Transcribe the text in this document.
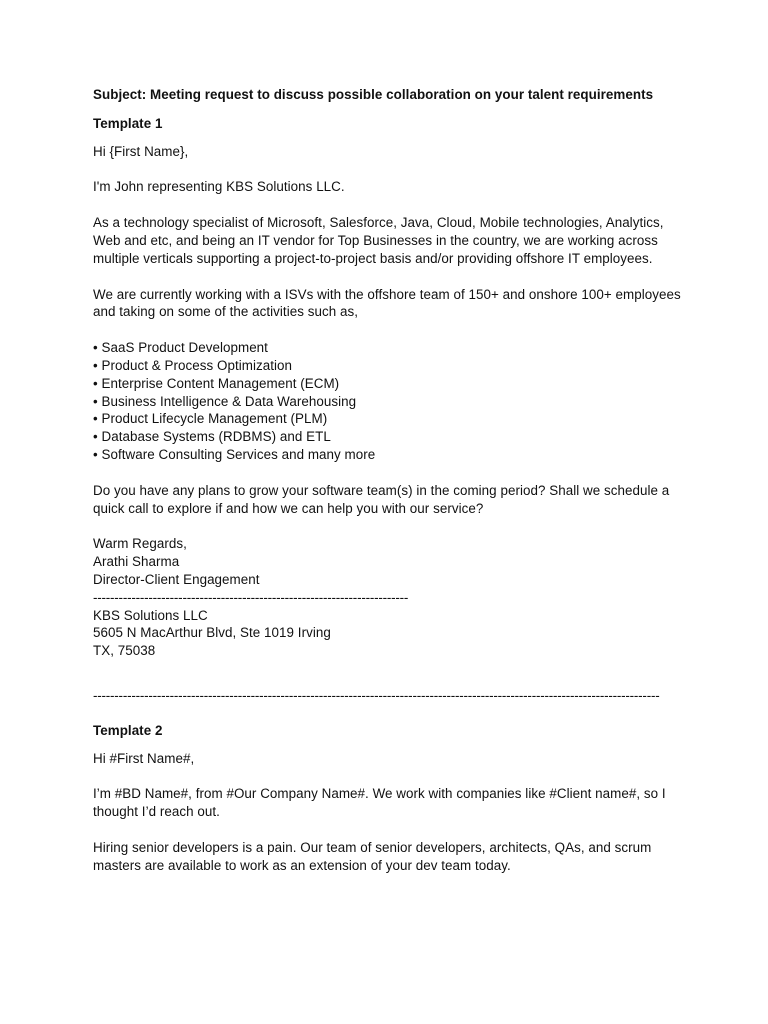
Subject: Meeting request to discuss possible collaboration on your talent requirements

Template 1

Hi {First Name},

I'm John representing KBS Solutions LLC.

As a technology specialist of Microsoft, Salesforce, Java, Cloud, Mobile technologies, Analytics, Web and etc, and being an IT vendor for Top Businesses in the country, we are working across multiple verticals supporting a project-to-project basis and/or providing offshore IT employees.

We are currently working with a ISVs with the offshore team of 150+ and onshore 100+ employees and taking on some of the activities such as,

• SaaS Product Development
• Product & Process Optimization
• Enterprise Content Management (ECM)
• Business Intelligence & Data Warehousing
• Product Lifecycle Management (PLM)
• Database Systems (RDBMS) and ETL
• Software Consulting Services and many more

Do you have any plans to grow your software team(s) in the coming period? Shall we schedule a quick call to explore if and how we can help you with our service?

Warm Regards,

Arathi Sharma

Director-Client Engagement

--------------------------------------------------------------------------

KBS Solutions LLC

5605 N MacArthur Blvd, Ste 1019 Irving

TX, 75038

-------------------------------------------------------------------------------------------------------------------------------------

Template 2

Hi #First Name#,

I’m #BD Name#, from #Our Company Name#. We work with companies like #Client name#, so I thought I’d reach out.

Hiring senior developers is a pain. Our team of senior developers, architects, QAs, and scrum masters are available to work as an extension of your dev team today.
